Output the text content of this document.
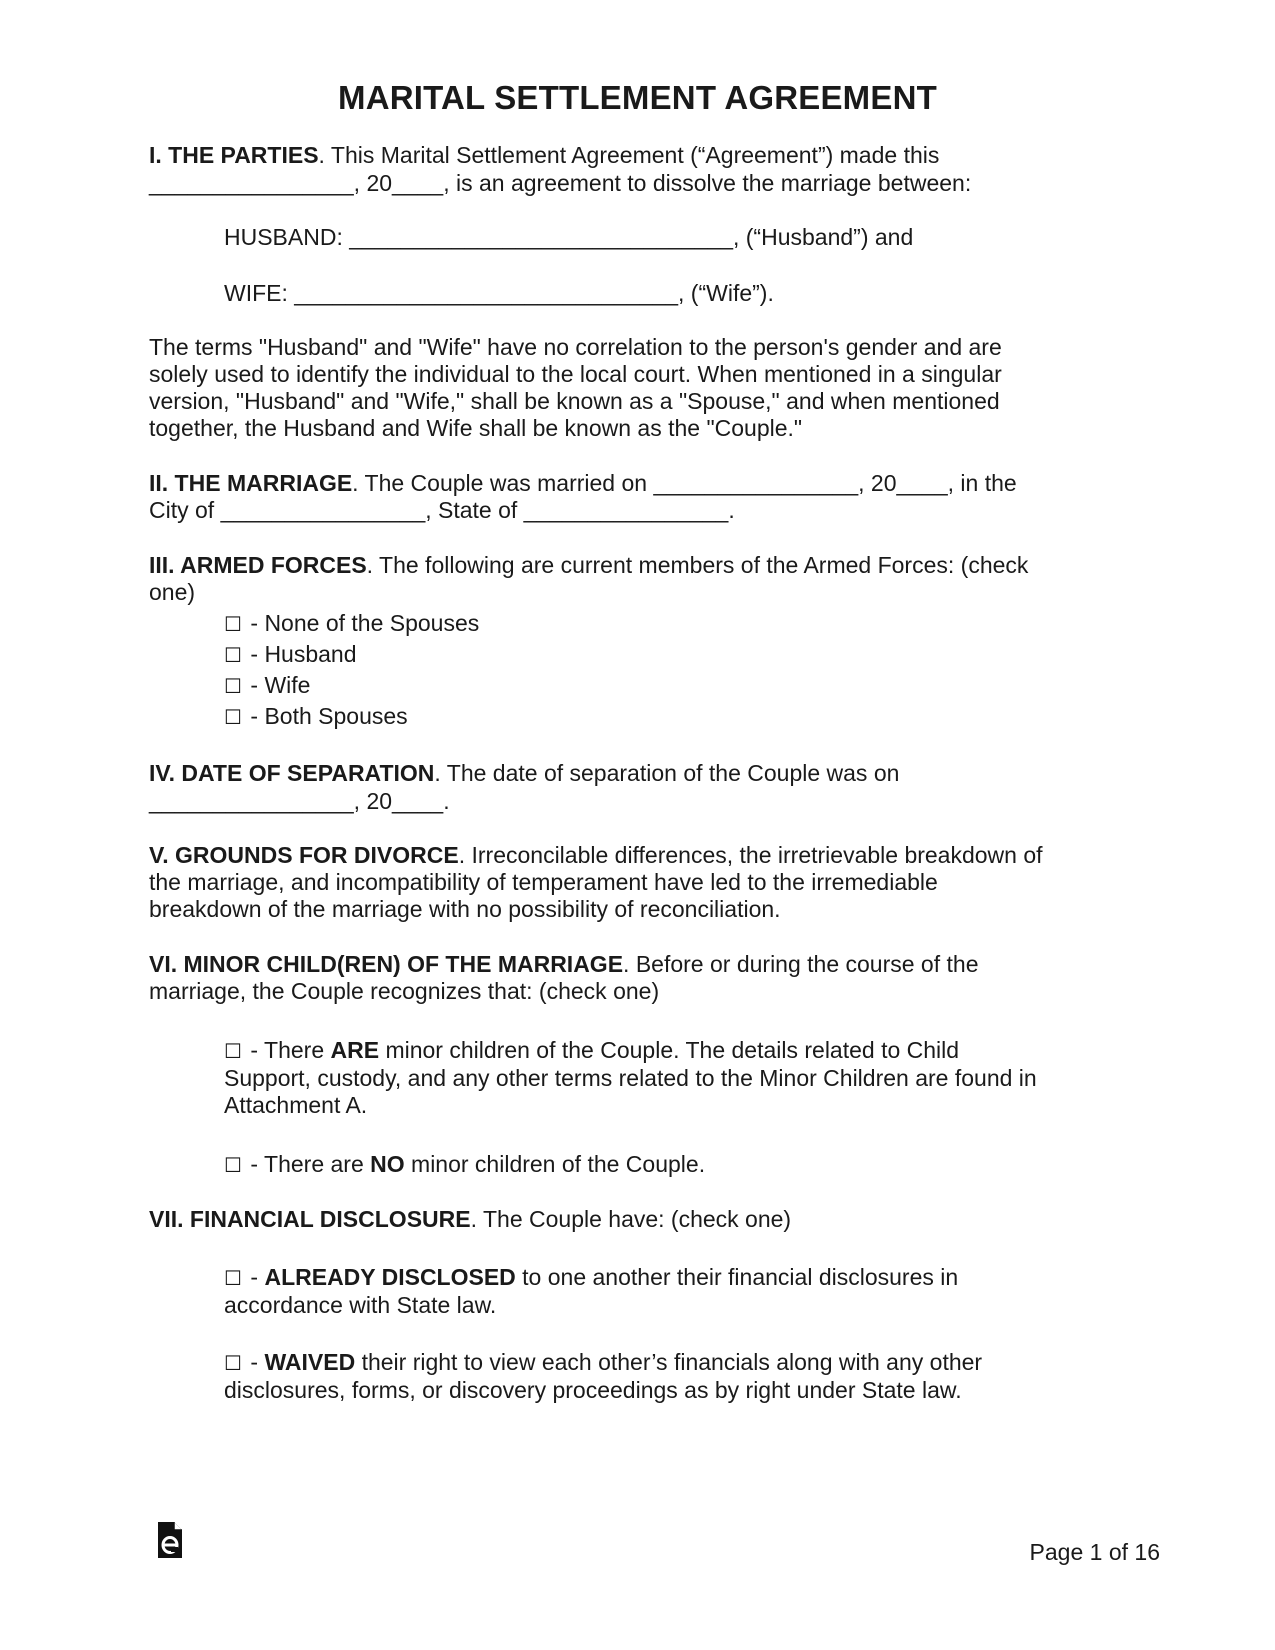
MARITAL SETTLEMENT AGREEMENT
I. THE PARTIES. This Marital Settlement Agreement (“Agreement”) made this
________________, 20____, is an agreement to dissolve the marriage between:
HUSBAND: ______________________________, (“Husband”) and
WIFE: ______________________________, (“Wife”).
The terms "Husband" and "Wife" have no correlation to the person's gender and are
solely used to identify the individual to the local court. When mentioned in a singular
version, "Husband" and "Wife," shall be known as a "Spouse," and when mentioned
together, the Husband and Wife shall be known as the "Couple."
II. THE MARRIAGE. The Couple was married on ________________, 20____, in the
City of ________________, State of ________________.
III. ARMED FORCES. The following are current members of the Armed Forces: (check
one)
☐ - None of the Spouses
☐ - Husband
☐ - Wife
☐ - Both Spouses
IV. DATE OF SEPARATION. The date of separation of the Couple was on
________________, 20____.
V. GROUNDS FOR DIVORCE. Irreconcilable differences, the irretrievable breakdown of
the marriage, and incompatibility of temperament have led to the irremediable
breakdown of the marriage with no possibility of reconciliation.
VI. MINOR CHILD(REN) OF THE MARRIAGE. Before or during the course of the
marriage, the Couple recognizes that: (check one)
☐ - There ARE minor children of the Couple. The details related to Child
Support, custody, and any other terms related to the Minor Children are found in
Attachment A.
☐ - There are NO minor children of the Couple.
VII. FINANCIAL DISCLOSURE. The Couple have: (check one)
☐ - ALREADY DISCLOSED to one another their financial disclosures in
accordance with State law.
☐ - WAIVED their right to view each other’s financials along with any other
disclosures, forms, or discovery proceedings as by right under State law.
Page 1 of 16
